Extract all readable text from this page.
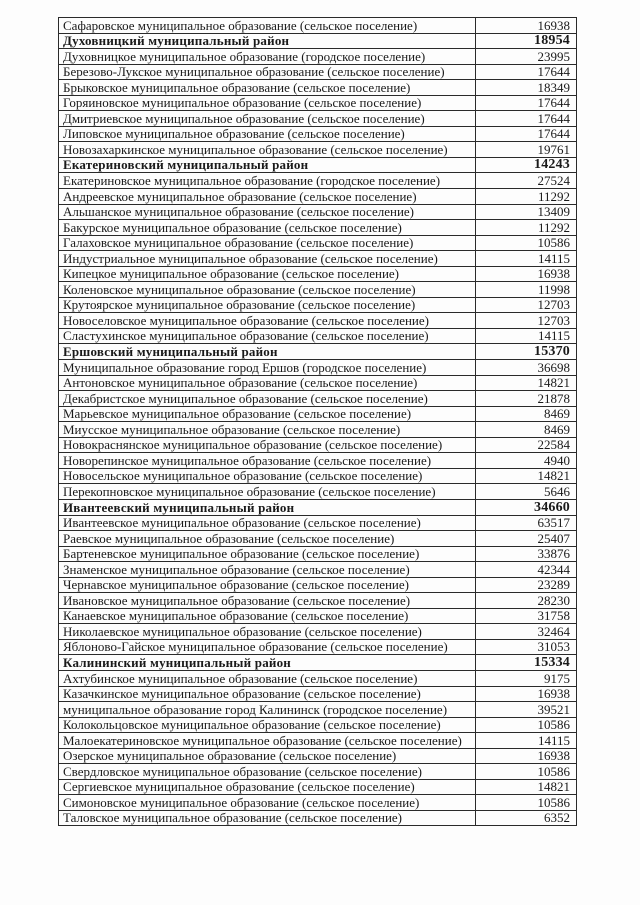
Сафаровское муниципальное образование (сельское поселение)	16938
Духовницкий муниципальный район	18954
Духовницкое муниципальное образование (городское поселение)	23995
Березово-Лукское муниципальное образование (сельское поселение)	17644
Брыковское муниципальное образование (сельское поселение)	18349
Горяиновское муниципальное образование (сельское поселение)	17644
Дмитриевское муниципальное образование (сельское поселение)	17644
Липовское муниципальное образование (сельское поселение)	17644
Новозахаркинское муниципальное образование (сельское поселение)	19761
Екатериновский муниципальный район	14243
Екатериновское муниципальное образование (городское поселение)	27524
Андреевское муниципальное образование (сельское поселение)	11292
Альшанское муниципальное образование (сельское поселение)	13409
Бакурское муниципальное образование (сельское поселение)	11292
Галаховское муниципальное образование (сельское поселение)	10586
Индустриальное муниципальное образование (сельское поселение)	14115
Кипецкое муниципальное образование (сельское поселение)	16938
Коленовское муниципальное образование (сельское поселение)	11998
Крутоярское муниципальное образование (сельское поселение)	12703
Новоселовское муниципальное образование (сельское поселение)	12703
Сластухинское муниципальное образование (сельское поселение)	14115
Ершовский муниципальный район	15370
Муниципальное образование город Ершов (городское поселение)	36698
Антоновское муниципальное образование (сельское поселение)	14821
Декабристское муниципальное образование (сельское поселение)	21878
Марьевское муниципальное образование (сельское поселение)	8469
Миусское муниципальное образование (сельское поселение)	8469
Новокраснянское муниципальное образование (сельское поселение)	22584
Новорепинское муниципальное образование (сельское поселение)	4940
Новосельское муниципальное образование (сельское поселение)	14821
Перекопновское муниципальное образование (сельское поселение)	5646
Ивантеевский муниципальный район	34660
Ивантеевское муниципальное образование (сельское поселение)	63517
Раевское муниципальное образование (сельское поселение)	25407
Бартеневское муниципальное образование (сельское поселение)	33876
Знаменское муниципальное образование (сельское поселение)	42344
Чернавское муниципальное образование (сельское поселение)	23289
Ивановское муниципальное образование (сельское поселение)	28230
Канаевское муниципальное образование (сельское поселение)	31758
Николаевское муниципальное образование (сельское поселение)	32464
Яблоново-Гайское муниципальное образование (сельское поселение)	31053
Калининский муниципальный район	15334
Ахтубинское муниципальное образование (сельское поселение)	9175
Казачкинское муниципальное образование (сельское поселение)	16938
муниципальное образование город Калининск (городское поселение)	39521
Колокольцовское муниципальное образование (сельское поселение)	10586
Малоекатериновское муниципальное образование (сельское поселение)	14115
Озерское муниципальное образование (сельское поселение)	16938
Свердловское муниципальное образование (сельское поселение)	10586
Сергиевское муниципальное образование (сельское поселение)	14821
Симоновское муниципальное образование (сельское поселение)	10586
Таловское муниципальное образование (сельское поселение)	6352
